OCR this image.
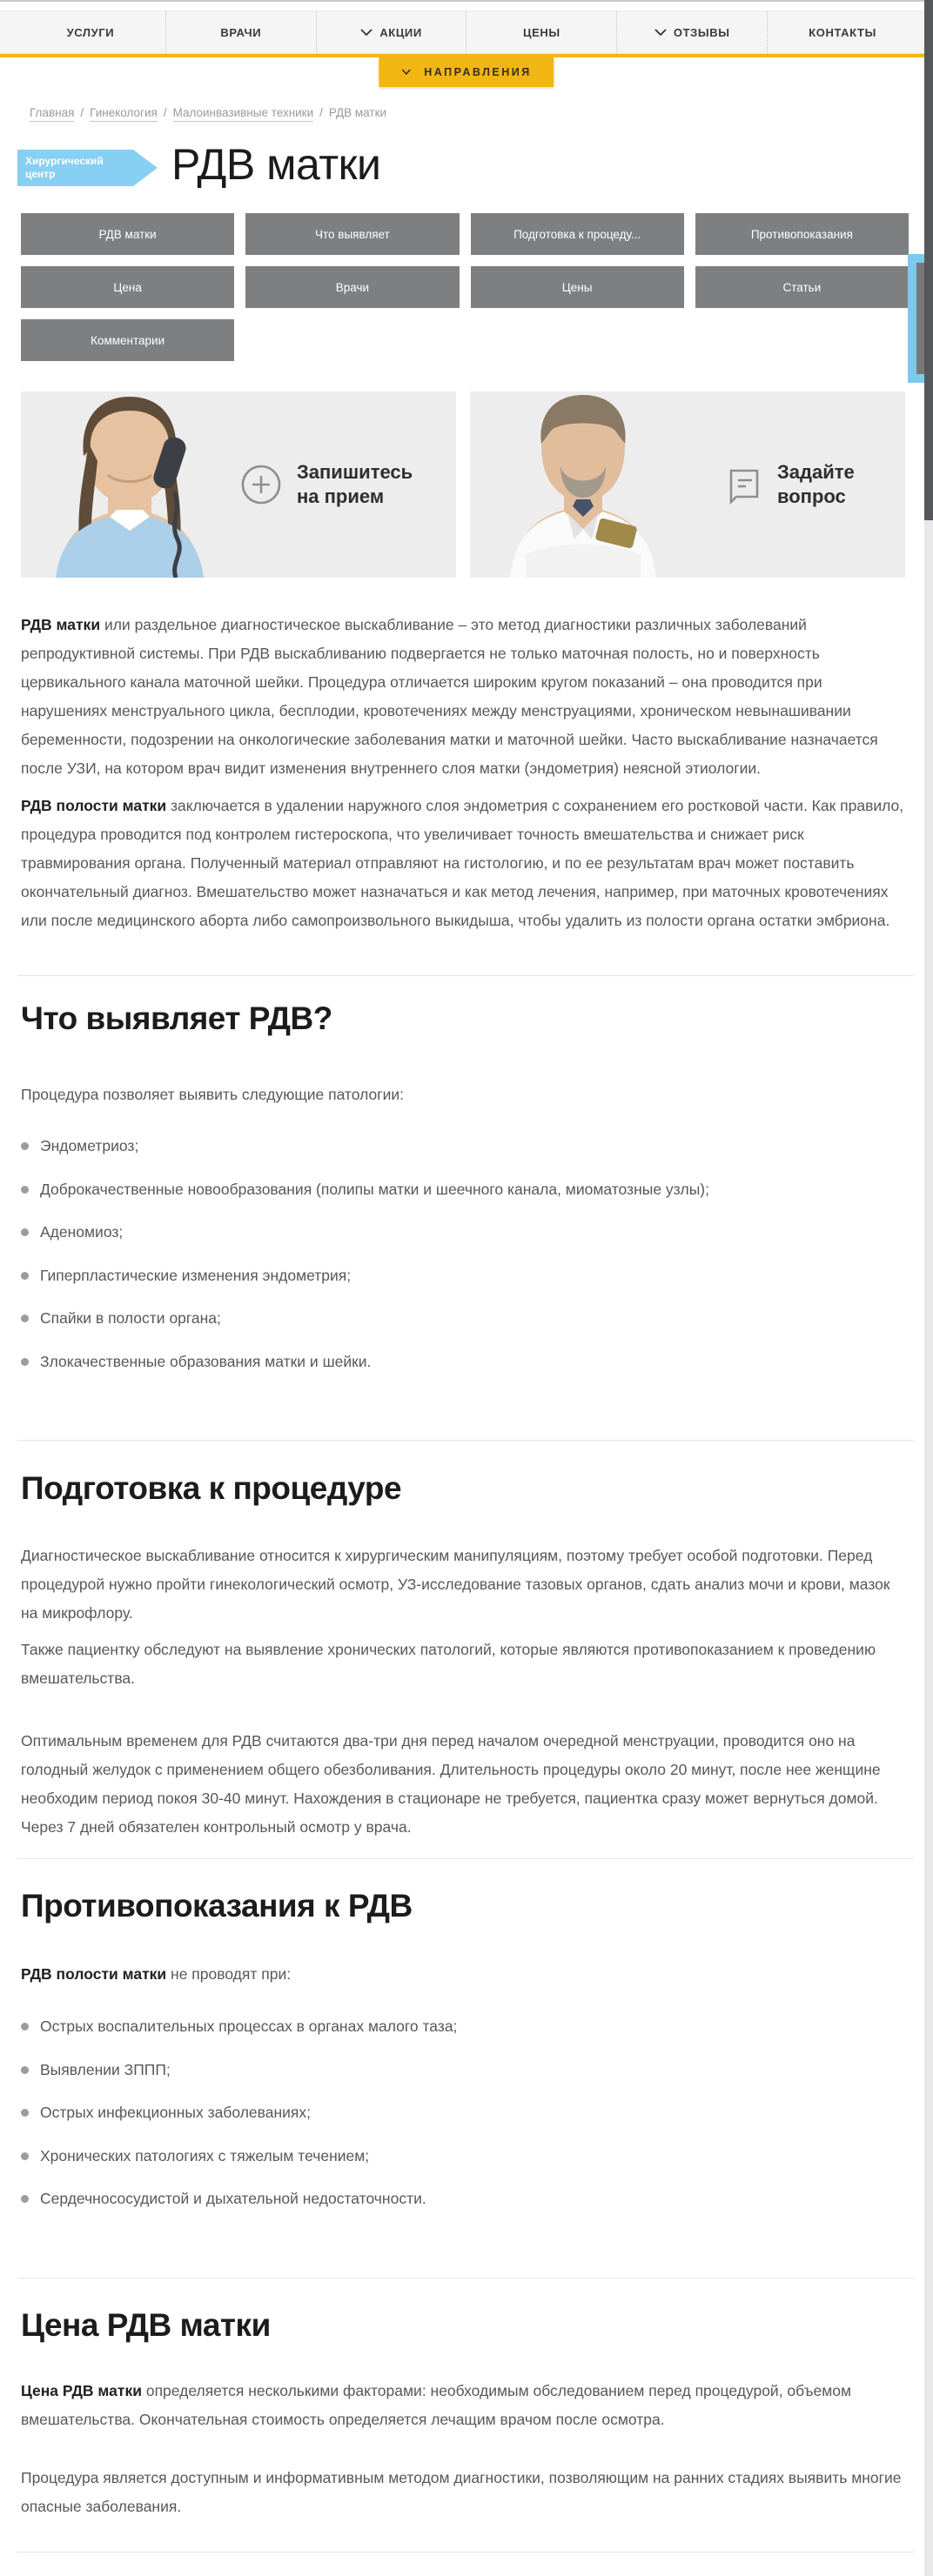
УСЛУГИ	ВРАЧИ	АКЦИИ	ЦЕНЫ	ОТЗЫВЫ	КОНТАКТЫ
НАПРАВЛЕНИЯ
Главная / Гинекология / Малоинвазивные техники / РДВ матки
Хирургический центр	РДВ матки
РДВ матки	Что выявляет	Подготовка к процеду...	Противопоказания
Цена	Врачи	Цены	Статьи
Комментарии
Запишитесь
на прием
Задайте
вопрос

РДВ матки или раздельное диагностическое выскабливание – это метод диагностики различных заболеваний репродуктивной системы. При РДВ выскабливанию подвергается не только маточная полость, но и поверхность цервикального канала маточной шейки. Процедура отличается широким кругом показаний – она проводится при нарушениях менструального цикла, бесплодии, кровотечениях между менструациями, хроническом невынашивании беременности, подозрении на онкологические заболевания матки и маточной шейки. Часто выскабливание назначается после УЗИ, на котором врач видит изменения внутреннего слоя матки (эндометрия) неясной этиологии.

РДВ полости матки заключается в удалении наружного слоя эндометрия с сохранением его ростковой части. Как правило, процедура проводится под контролем гистероскопа, что увеличивает точность вмешательства и снижает риск травмирования органа. Полученный материал отправляют на гистологию, и по ее результатам врач может поставить окончательный диагноз. Вмешательство может назначаться и как метод лечения, например, при маточных кровотечениях или после медицинского аборта либо самопроизвольного выкидыша, чтобы удалить из полости органа остатки эмбриона.

Что выявляет РДВ?

Процедура позволяет выявить следующие патологии:

Эндометриоз;
Доброкачественные новообразования (полипы матки и шеечного канала, миоматозные узлы);
Аденомиоз;
Гиперпластические изменения эндометрия;
Спайки в полости органа;
Злокачественные образования матки и шейки.
Подготовка к процедуре

Диагностическое выскабливание относится к хирургическим манипуляциям, поэтому требует особой подготовки. Перед процедурой нужно пройти гинекологический осмотр, УЗ-исследование тазовых органов, сдать анализ мочи и крови, мазок на микрофлору.

Также пациентку обследуют на выявление хронических патологий, которые являются противопоказанием к проведению вмешательства.

Оптимальным временем для РДВ считаются два-три дня перед началом очередной менструации, проводится оно на голодный желудок с применением общего обезболивания. Длительность процедуры около 20 минут, после нее женщине необходим период покоя 30-40 минут. Нахождения в стационаре не требуется, пациентка сразу может вернуться домой. Через 7 дней обязателен контрольный осмотр у врача.

Противопоказания к РДВ

РДВ полости матки не проводят при:

Острых воспалительных процессах в органах малого таза;
Выявлении ЗППП;
Острых инфекционных заболеваниях;
Хронических патологиях с тяжелым течением;
Сердечнососудистой и дыхательной недостаточности.
Цена РДВ матки

Цена РДВ матки определяется несколькими факторами: необходимым обследованием перед процедурой, объемом вмешательства. Окончательная стоимость определяется лечащим врачом после осмотра.

Процедура является доступным и информативным методом диагностики, позволяющим на ранних стадиях выявить многие опасные заболевания.
